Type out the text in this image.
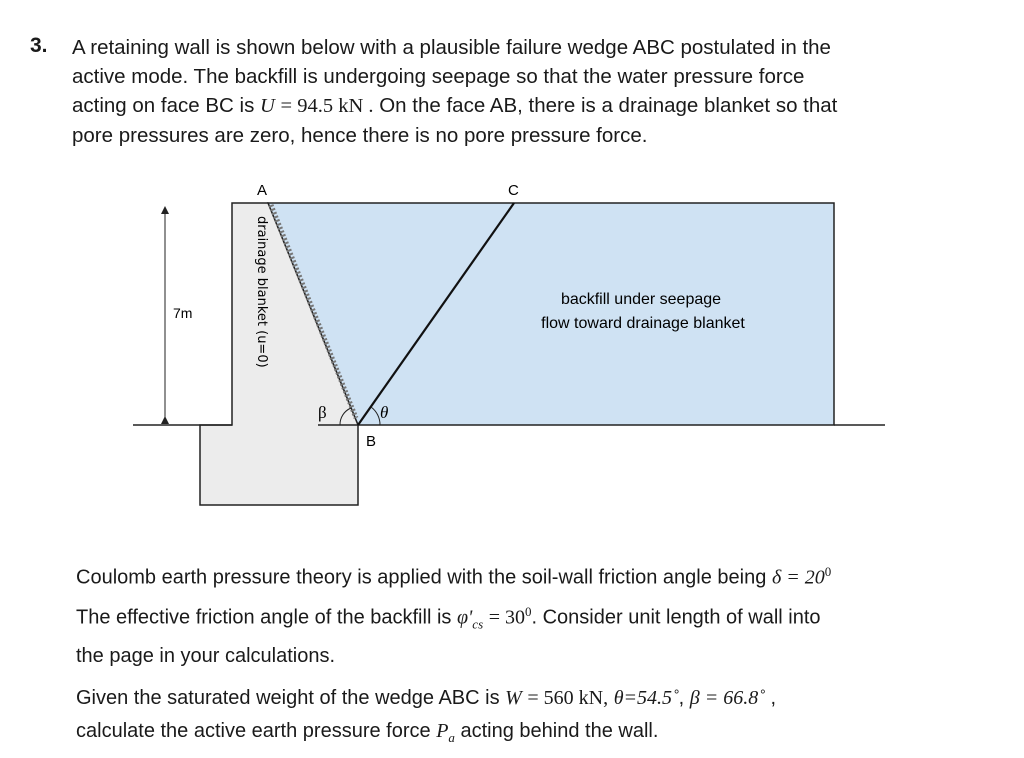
3. A retaining wall is shown below with a plausible failure wedge ABC postulated in the
active mode. The backfill is undergoing seepage so that the water pressure force
acting on face BC is U = 94.5 kN . On the face AB, there is a drainage blanket so that
pore pressures are zero, hence there is no pore pressure force.

A	C
B
7m
β	θ
drainage blanket (u=0)	backfill under seepage
flow toward drainage blanket

Coulomb earth pressure theory is applied with the soil-wall friction angle being $\delta = 20^0$
The effective friction angle of the backfill is $\varphi'_{cs} = 30^0$. Consider unit length of wall into
the page in your calculations.

Given the saturated weight of the wedge ABC is W = 560 kN, θ=54.5˚, β = 66.8˚ ,
calculate the active earth pressure force $P_a$ acting behind the wall.
